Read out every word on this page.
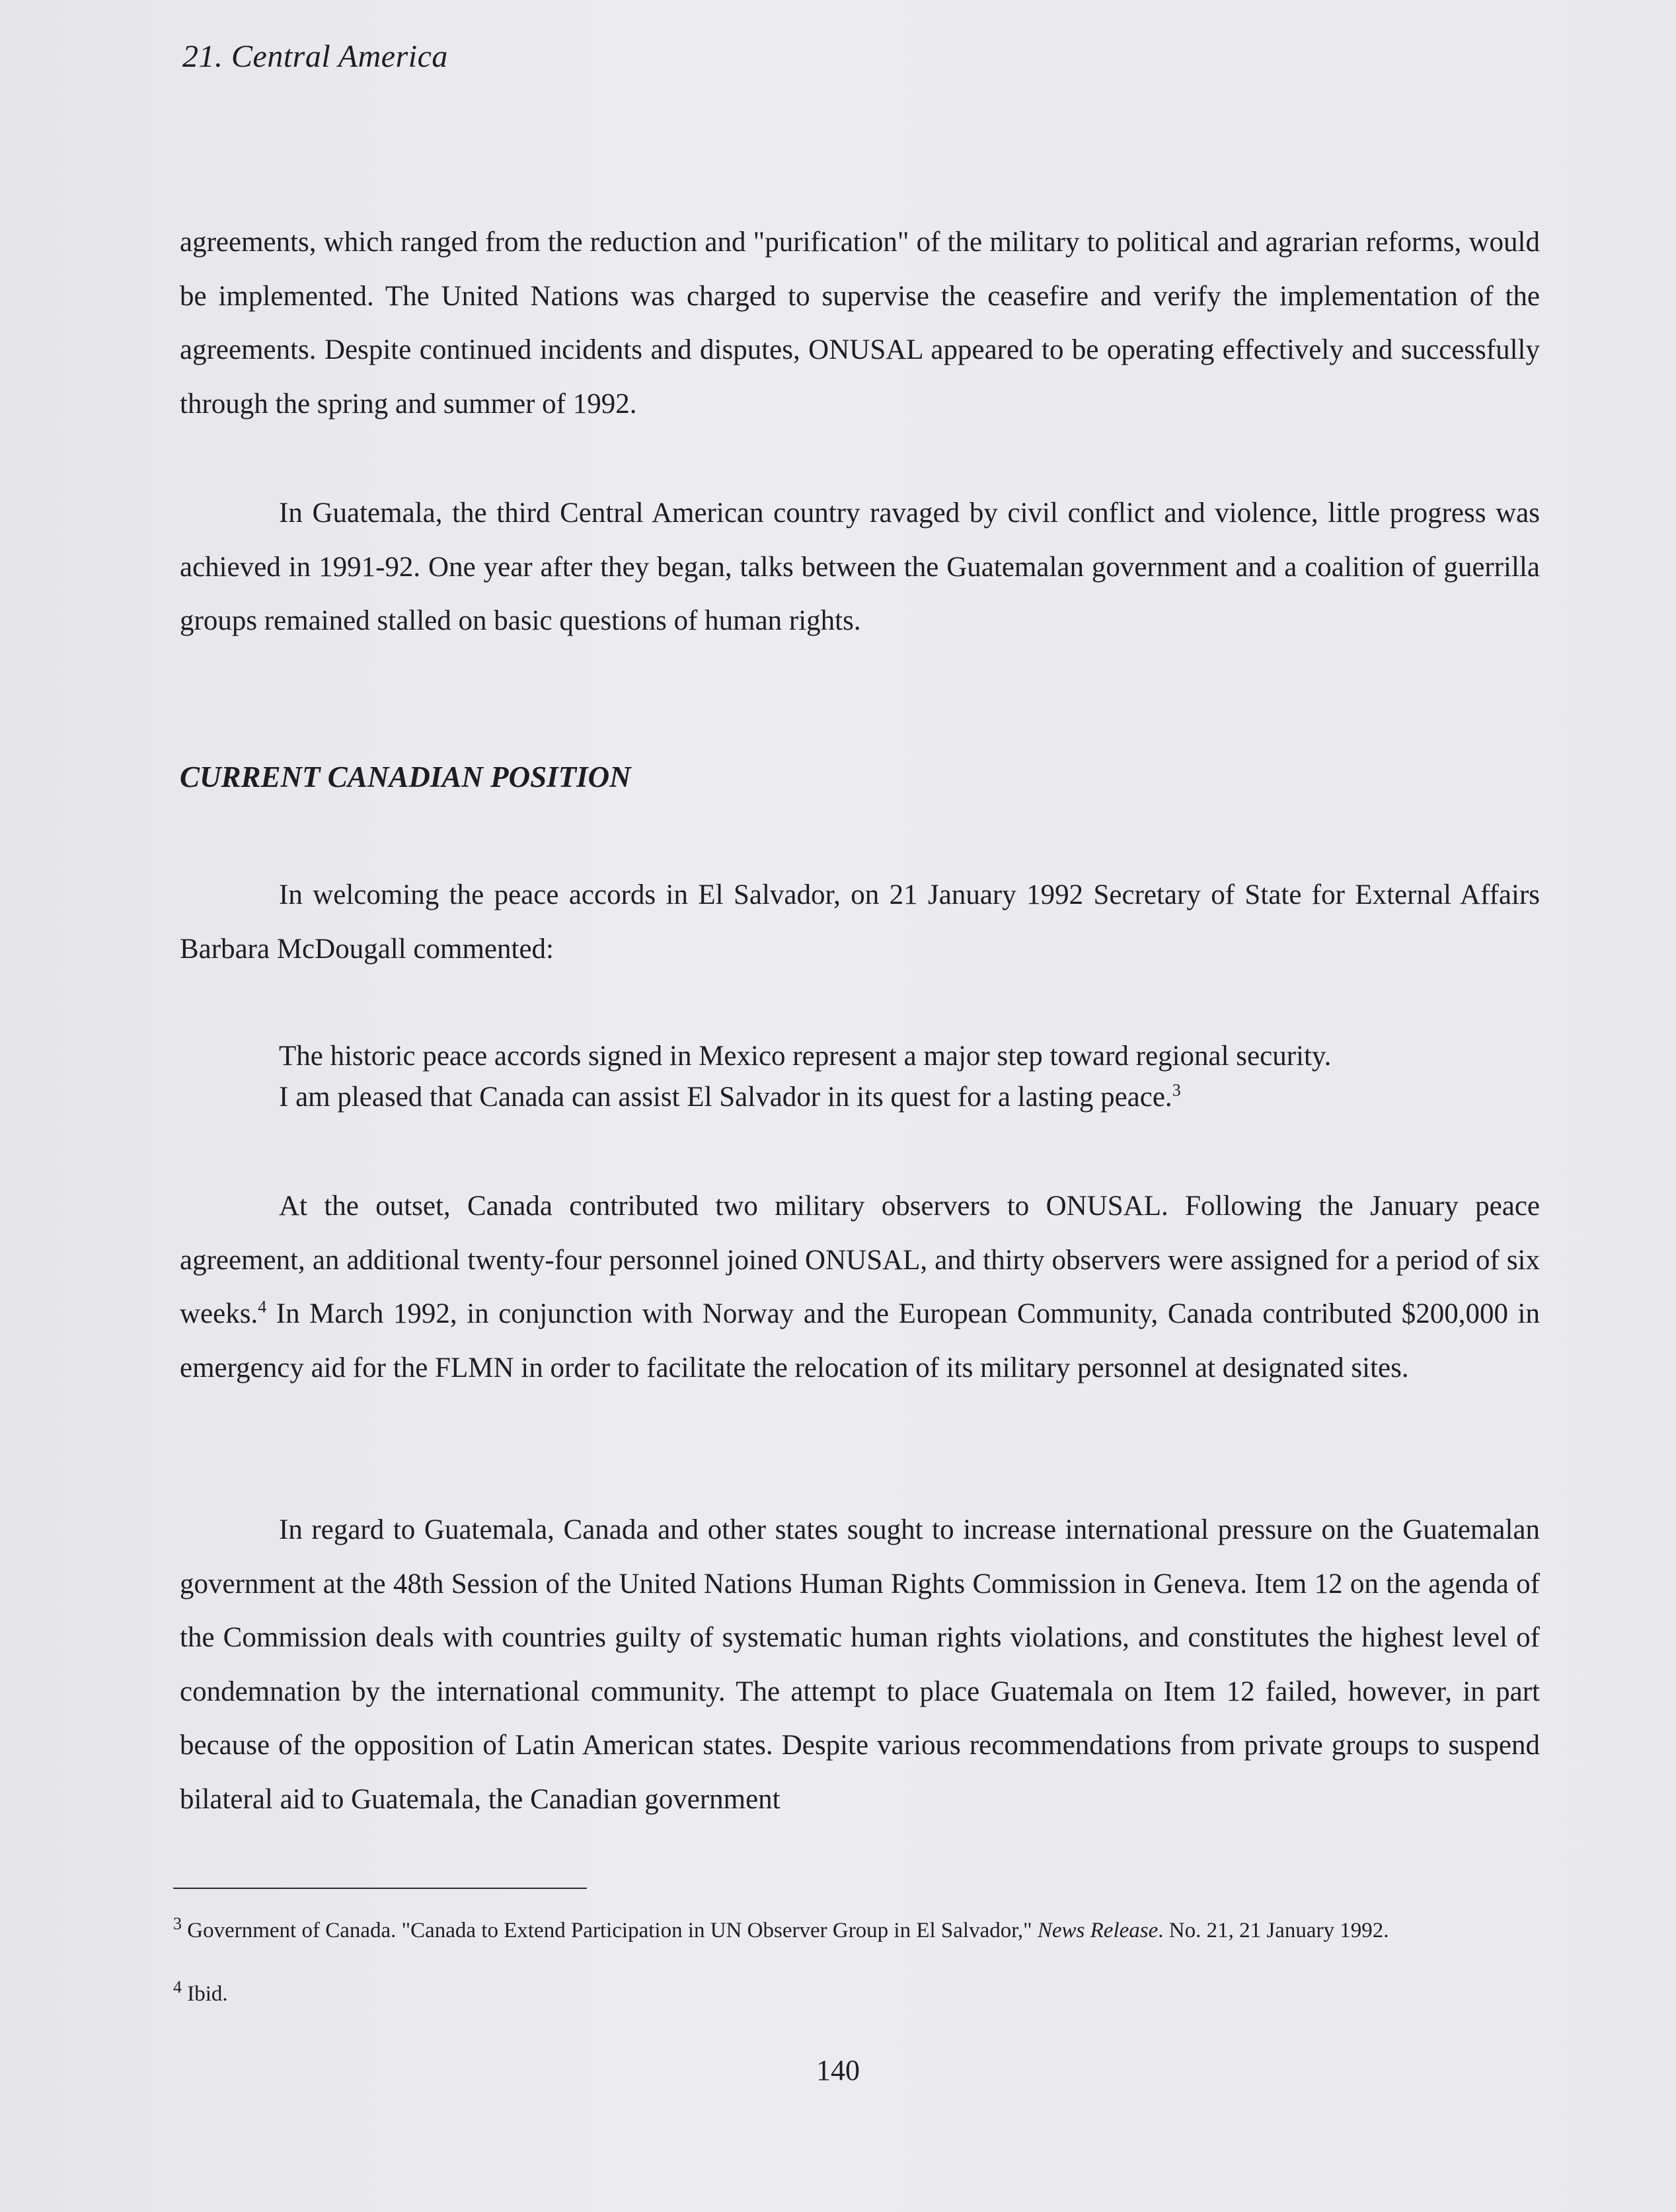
21. Central America

agreements, which ranged from the reduction and "purification" of the military to political and agrarian reforms, would be implemented. The United Nations was charged to supervise the ceasefire and verify the implementation of the agreements. Despite continued incidents and disputes, ONUSAL appeared to be operating effectively and successfully through the spring and summer of 1992.

In Guatemala, the third Central American country ravaged by civil conflict and violence, little progress was achieved in 1991-92. One year after they began, talks between the Guatemalan government and a coalition of guerrilla groups remained stalled on basic questions of human rights.

CURRENT CANADIAN POSITION

In welcoming the peace accords in El Salvador, on 21 January 1992 Secretary of State for External Affairs Barbara McDougall commented:

The historic peace accords signed in Mexico represent a major step toward regional security.
I am pleased that Canada can assist El Salvador in its quest for a lasting peace.$^3$

At the outset, Canada contributed two military observers to ONUSAL. Following the January peace agreement, an additional twenty-four personnel joined ONUSAL, and thirty observers were assigned for a period of six weeks.$^4$ In March 1992, in conjunction with Norway and the European Community, Canada contributed $200,000 in emergency aid for the FLMN in order to facilitate the relocation of its military personnel at designated sites.

In regard to Guatemala, Canada and other states sought to increase international pressure on the Guatemalan government at the 48th Session of the United Nations Human Rights Commission in Geneva. Item 12 on the agenda of the Commission deals with countries guilty of systematic human rights violations, and constitutes the highest level of condemnation by the international community. The attempt to place Guatemala on Item 12 failed, however, in part because of the opposition of Latin American states. Despite various recommendations from private groups to suspend bilateral aid to Guatemala, the Canadian government

$^3$ Government of Canada. "Canada to Extend Participation in UN Observer Group in El Salvador," News Release. No. 21, 21 January 1992.

$^4$ Ibid.

140
